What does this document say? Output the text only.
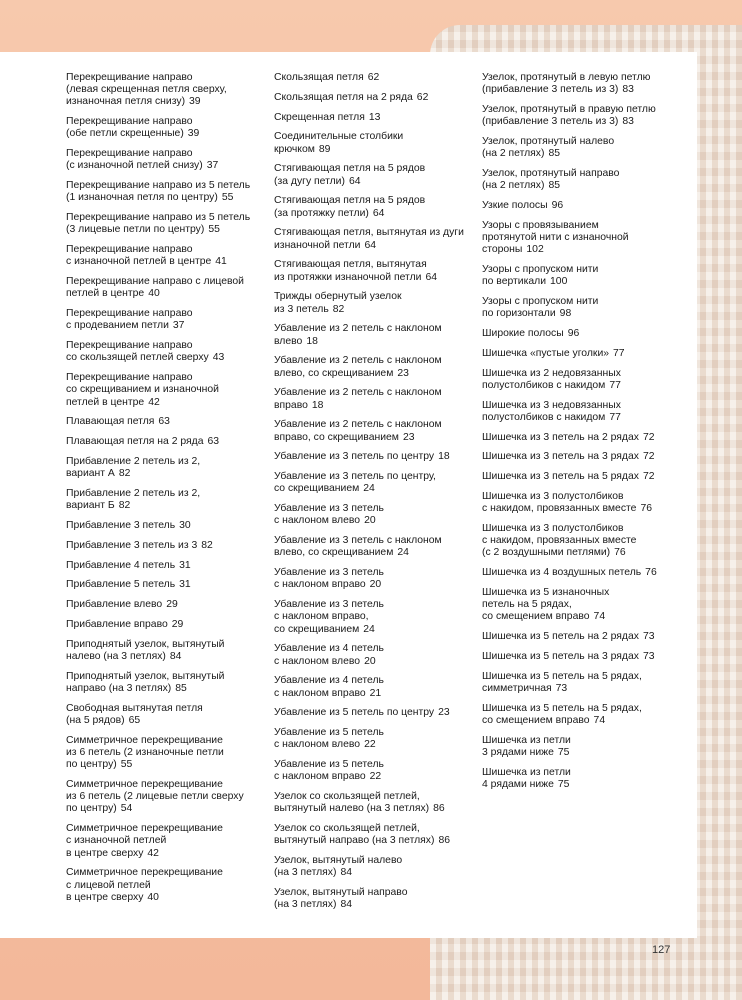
Перекрещивание направо
(левая скрещенная петля сверху,
изнаночная петля снизу) 39
Перекрещивание направо
(обе петли скрещенные) 39
Перекрещивание направо
(с изнаночной петлей снизу) 37
Перекрещивание направо из 5 петель
(1 изнаночная петля по центру) 55
Перекрещивание направо из 5 петель
(3 лицевые петли по центру) 55
Перекрещивание направо
с изнаночной петлей в центре 41
Перекрещивание направо с лицевой
петлей в центре 40
Перекрещивание направо
с продеванием петли 37
Перекрещивание направо
со скользящей петлей сверху 43
Перекрещивание направо
со скрещиванием и изнаночной
петлей в центре 42
Плавающая петля 63
Плавающая петля на 2 ряда 63
Прибавление 2 петель из 2,
вариант А 82
Прибавление 2 петель из 2,
вариант Б 82
Прибавление 3 петель 30
Прибавление 3 петель из 3 82
Прибавление 4 петель 31
Прибавление 5 петель 31
Прибавление влево 29
Прибавление вправо 29
Приподнятый узелок, вытянутый
налево (на 3 петлях) 84
Приподнятый узелок, вытянутый
направо (на 3 петлях) 85
Свободная вытянутая петля
(на 5 рядов) 65
Симметричное перекрещивание
из 6 петель (2 изнаночные петли
по центру) 55
Симметричное перекрещивание
из 6 петель (2 лицевые петли сверху
по центру) 54
Симметричное перекрещивание
с изнаночной петлей
в центре сверху 42
Симметричное перекрещивание
с лицевой петлей
в центре сверху 40
Скользящая петля 62
Скользящая петля на 2 ряда 62
Скрещенная петля 13
Соединительные столбики
крючком 89
Стягивающая петля на 5 рядов
(за дугу петли) 64
Стягивающая петля на 5 рядов
(за протяжку петли) 64
Стягивающая петля, вытянутая из дуги
изнаночной петли 64
Стягивающая петля, вытянутая
из протяжки изнаночной петли 64
Трижды обернутый узелок
из 3 петель 82
Убавление из 2 петель с наклоном
влево 18
Убавление из 2 петель с наклоном
влево, со скрещиванием 23
Убавление из 2 петель с наклоном
вправо 18
Убавление из 2 петель с наклоном
вправо, со скрещиванием 23
Убавление из 3 петель по центру 18
Убавление из 3 петель по центру,
со скрещиванием 24
Убавление из 3 петель
с наклоном влево 20
Убавление из 3 петель с наклоном
влево, со скрещиванием 24
Убавление из 3 петель
с наклоном вправо 20
Убавление из 3 петель
с наклоном вправо,
со скрещиванием 24
Убавление из 4 петель
с наклоном влево 20
Убавление из 4 петель
с наклоном вправо 21
Убавление из 5 петель по центру 23
Убавление из 5 петель
с наклоном влево 22
Убавление из 5 петель
с наклоном вправо 22
Узелок со скользящей петлей,
вытянутый налево (на 3 петлях) 86
Узелок со скользящей петлей,
вытянутый направо (на 3 петлях) 86
Узелок, вытянутый налево
(на 3 петлях) 84
Узелок, вытянутый направо
(на 3 петлях) 84
Узелок, протянутый в левую петлю
(прибавление 3 петель из 3) 83
Узелок, протянутый в правую петлю
(прибавление 3 петель из 3) 83
Узелок, протянутый налево
(на 2 петлях) 85
Узелок, протянутый направо
(на 2 петлях) 85
Узкие полосы 96
Узоры с провязыванием
протянутой нити с изнаночной
стороны 102
Узоры с пропуском нити
по вертикали 100
Узоры с пропуском нити
по горизонтали 98
Широкие полосы 96
Шишечка «пустые уголки» 77
Шишечка из 2 недовязанных
полустолбиков с накидом 77
Шишечка из 3 недовязанных
полустолбиков с накидом 77
Шишечка из 3 петель на 2 рядах 72
Шишечка из 3 петель на 3 рядах 72
Шишечка из 3 петель на 5 рядах 72
Шишечка из 3 полустолбиков
с накидом, провязанных вместе 76
Шишечка из 3 полустолбиков
с накидом, провязанных вместе
(с 2 воздушными петлями) 76
Шишечка из 4 воздушных петель 76
Шишечка из 5 изнаночных
петель на 5 рядах,
со смещением вправо 74
Шишечка из 5 петель на 2 рядах 73
Шишечка из 5 петель на 3 рядах 73
Шишечка из 5 петель на 5 рядах,
симметричная 73
Шишечка из 5 петель на 5 рядах,
со смещением вправо 74
Шишечка из петли
3 рядами ниже 75
Шишечка из петли
4 рядами ниже 75
127
